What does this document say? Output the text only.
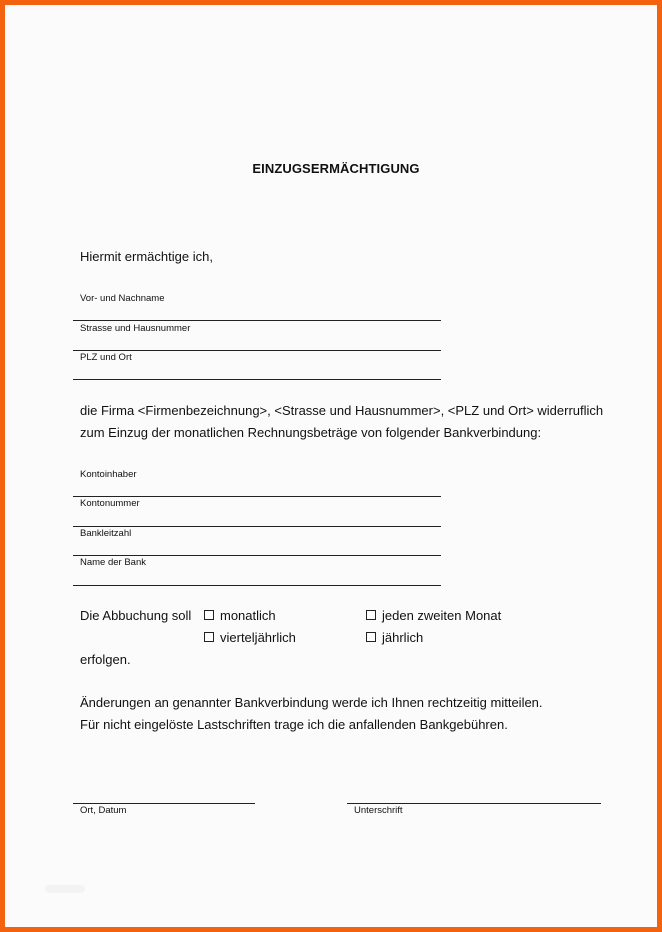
EINZUGSERMÄCHTIGUNG
Hiermit ermächtige ich,
Vor- und Nachname
Strasse und Hausnummer
PLZ und Ort
die Firma <Firmenbezeichnung>, <Strasse und Hausnummer>, <PLZ und Ort> widerruflich
zum Einzug der monatlichen Rechnungsbeträge von folgender Bankverbindung:
Kontoinhaber
Kontonummer
Bankleitzahl
Name der Bank
Die Abbuchung soll monatlich	jeden zweiten Monat
vierteljährlich	jährlich
erfolgen.
Änderungen an genannter Bankverbindung werde ich Ihnen rechtzeitig mitteilen.
Für nicht eingelöste Lastschriften trage ich die anfallenden Bankgebühren.
Ort, Datum	Unterschrift
